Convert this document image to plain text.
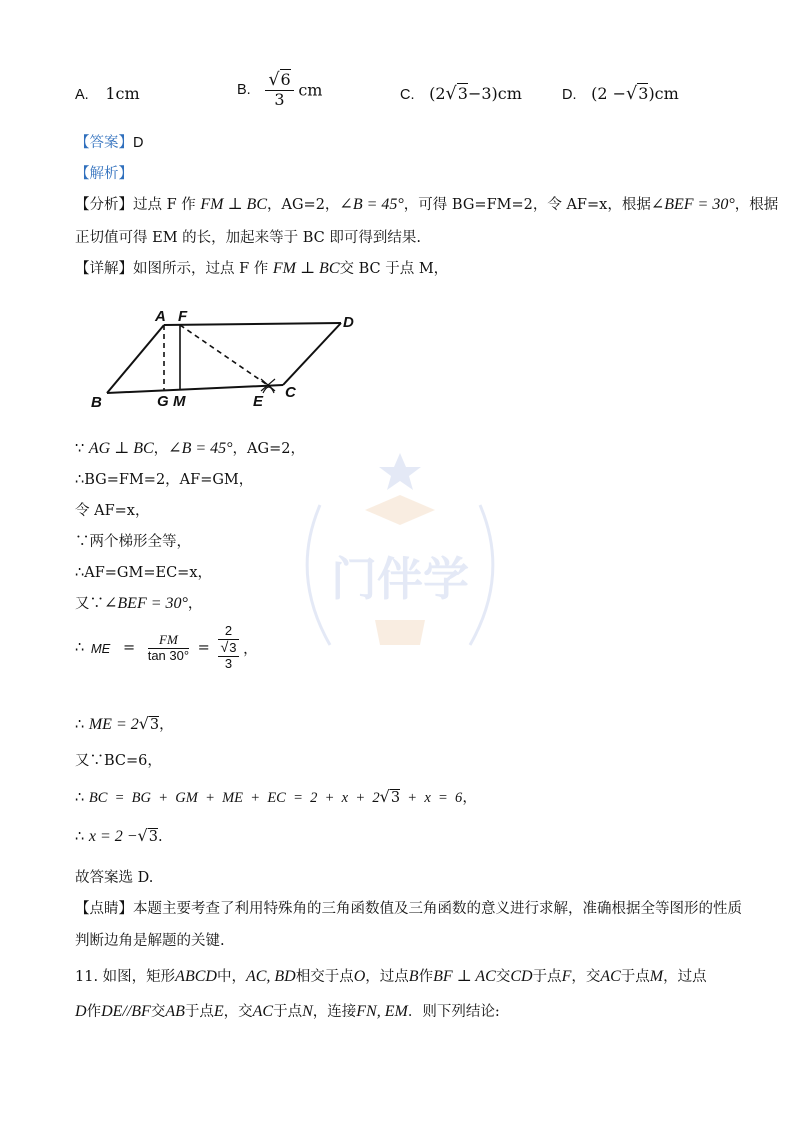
A. 1cm	B. $\frac{√6}{3}$ cm	C. (2√3−3)cm	D. (2 −√3)cm
【答案】D
【解析】
【分析】过点 F 作 FM ⊥ BC，AG=2，∠B = 45°，可得 BG=FM=2，令 AF=x，根据∠BEF = 30°，根据
正切值可得 EM 的长，加起来等于 BC 即可得到结果.
【详解】如图所示，过点 F 作 FM ⊥ BC交 BC 于点 M，
A F	D
B	G M	E
C
门伴学
∵ AG ⊥ BC，∠B = 45°，AG=2，
∴BG=FM=2，AF=GM，
令 AF=x，
∵两个梯形全等，
∴AF=GM=EC=x，
又∵∠BEF = 30°，
∴ ME = $\frac{FM}{\tan 30^\circ}$ =
2
√3
3
，
∴ ME = 2√3，
又∵BC=6，
∴ BC  =  BG  +  GM  +  ME  +  EC  =  2  +  x  +  2√3  +  x  =  6，
∴ x = 2 −√3.
故答案选 D.
【点睛】本题主要考查了利用特殊角的三角函数值及三角函数的意义进行求解，准确根据全等图形的性质
判断边角是解题的关键.
11. 如图，矩形ABCD中，AC, BD相交于点O，过点B作BF ⊥ AC交CD于点F，交AC于点M，过点
D作DE//BF交AB于点E，交AC于点N，连接FN, EM．则下列结论:
